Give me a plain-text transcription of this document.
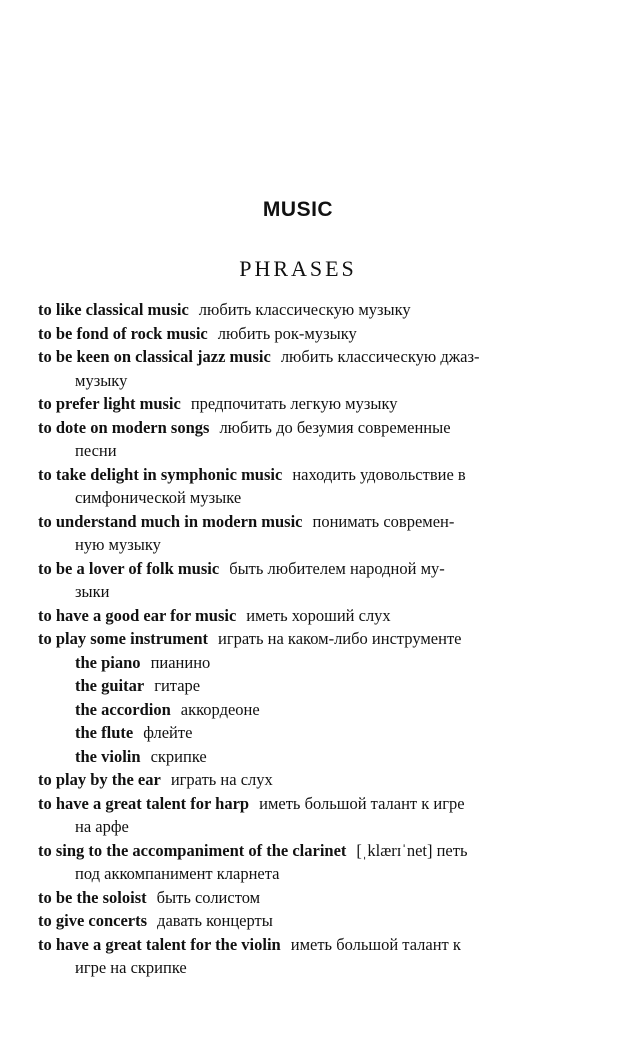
MUSIC
PHRASES
to like classical music любить классическую музыку
to be fond of rock music любить рок-музыку
to be keen on classical jazz music любить классическую джаз-
музыку
to prefer light music предпочитать легкую музыку
to dote on modern songs любить до безумия современные
песни
to take delight in symphonic music находить удовольствие в
симфонической музыке
to understand much in modern music понимать современ-
ную музыку
to be a lover of folk music быть любителем народной му-
зыки
to have a good ear for music иметь хороший слух
to play some instrument играть на каком-либо инструменте
the piano пианино
the guitar гитаре
the accordion аккордеоне
the flute флейте
the violin скрипке
to play by the ear играть на слух
to have a great talent for harp иметь большой талант к игре
на арфе
to sing to the accompaniment of the clarinet [ˌklærɪˈnet] петь
под аккомпанимент кларнета
to be the soloist быть солистом
to give concerts давать концерты
to have a great talent for the violin иметь большой талант к
игре на скрипке
